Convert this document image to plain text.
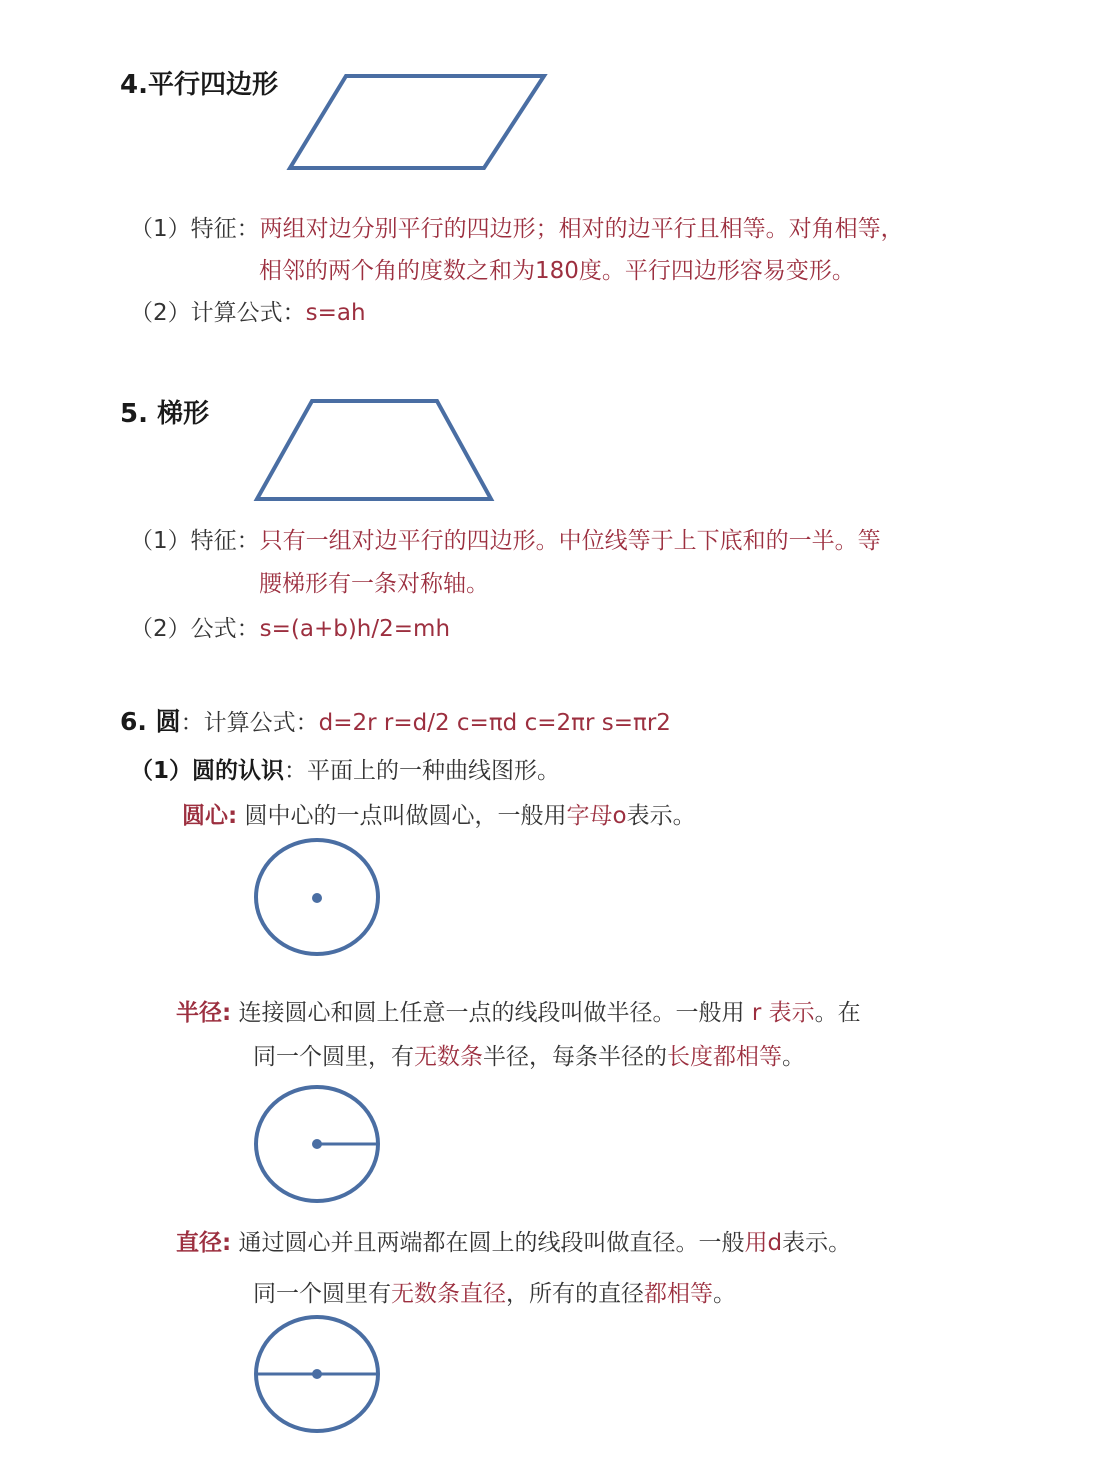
4.平行四边形
（1）特征：两组对边分别平行的四边形；相对的边平行且相等。对角相等，
相邻的两个角的度数之和为180度。平行四边形容易变形。
（2）计算公式：s=ah
5. 梯形
（1）特征：只有一组对边平行的四边形。中位线等于上下底和的一半。等
腰梯形有一条对称轴。
（2）公式：s=(a+b)h/2=mh
6. 圆：计算公式：d=2r r=d/2 c=πd c=2πr s=πr2
（1）圆的认识：平面上的一种曲线图形。
圆心: 圆中心的一点叫做圆心，一般用字母o表示。
半径: 连接圆心和圆上任意一点的线段叫做半径。一般用 r 表示。在
同一个圆里，有无数条半径，每条半径的长度都相等。
直径: 通过圆心并且两端都在圆上的线段叫做直径。一般用d表示。
同一个圆里有无数条直径，所有的直径都相等。
